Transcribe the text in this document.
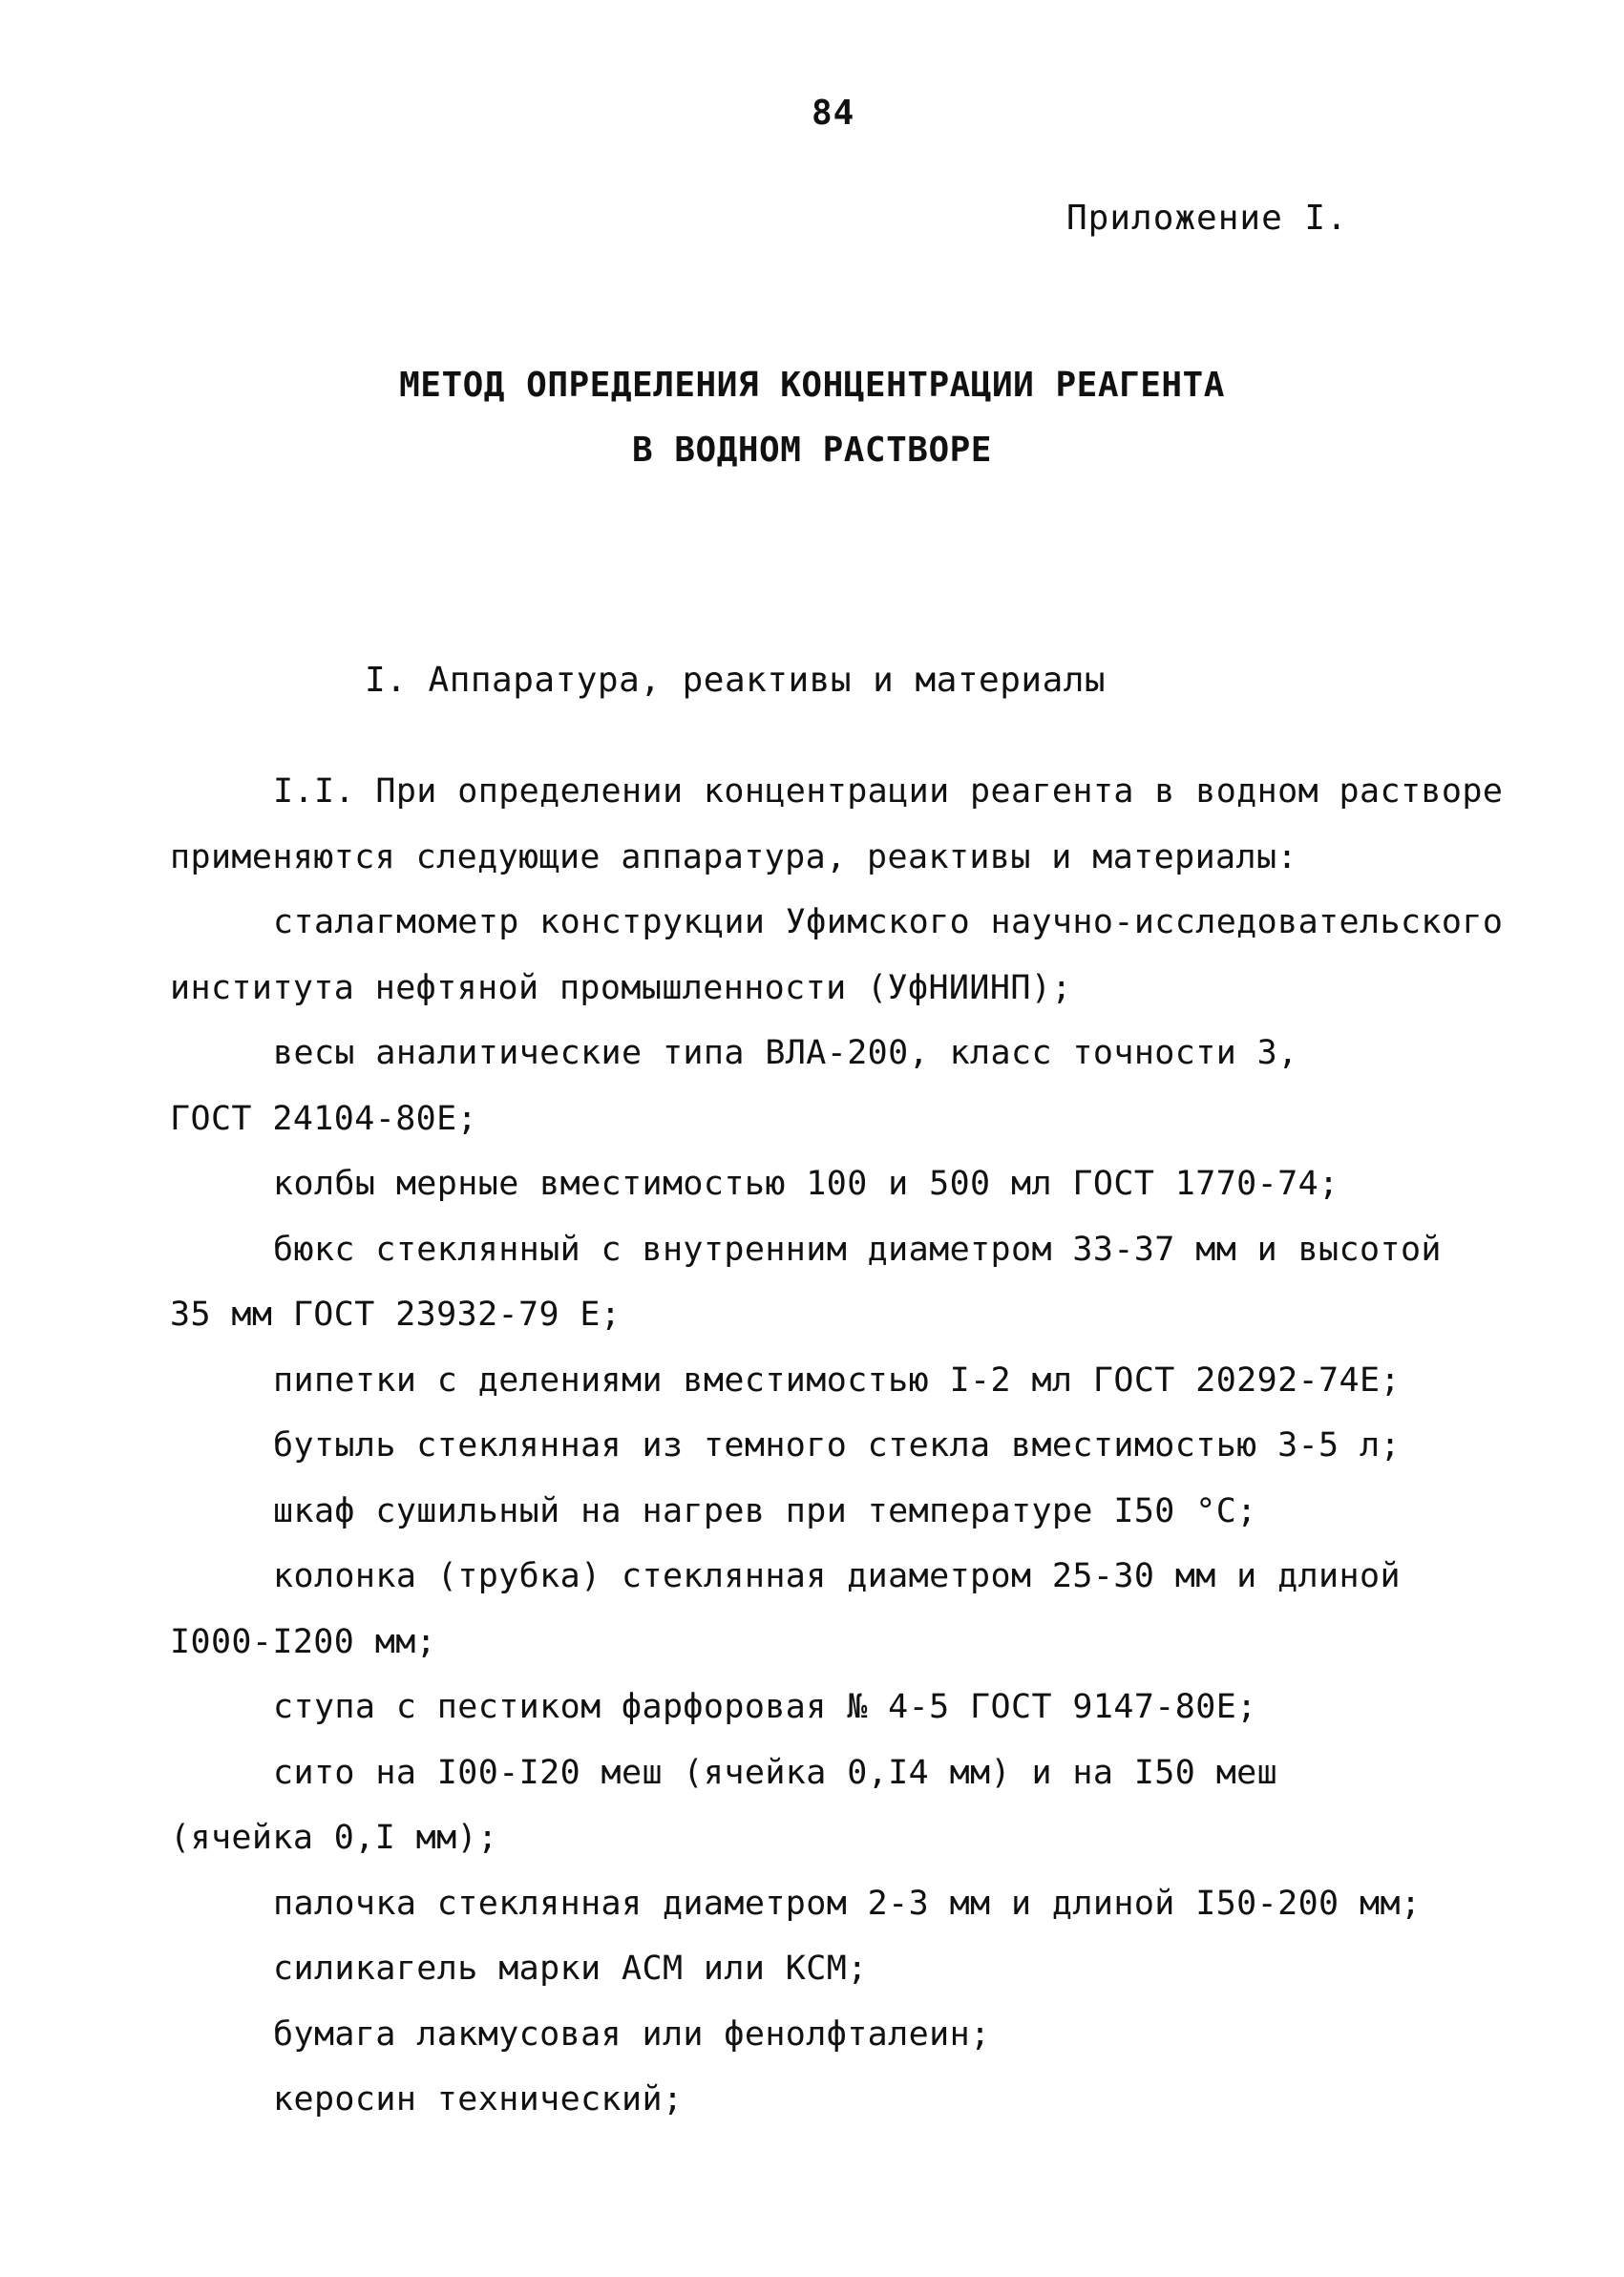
84
Приложение I.
МЕТОД ОПРЕДЕЛЕНИЯ КОНЦЕНТРАЦИИ РЕАГЕНТА
В ВОДНОМ РАСТВОРЕ
I. Аппаратура, реактивы и материалы
I.I. При определении концентрации реагента в водном растворе
применяются следующие аппаратура, реактивы и материалы:
сталагмометр конструкции Уфимского научно-исследовательского
института нефтяной промышленности (УфНИИНП);
весы аналитические типа ВЛА-200, класс точности 3,
ГОСТ 24104-80Е;
колбы мерные вместимостью 100 и 500 мл ГОСТ 1770-74;
бюкс стеклянный с внутренним диаметром 33-37 мм и высотой
35 мм ГОСТ 23932-79 Е;
пипетки с делениями вместимостью I-2 мл ГОСТ 20292-74Е;
бутыль стеклянная из темного стекла вместимостью 3-5 л;
шкаф сушильный на нагрев при температуре I50 °С;
колонка (трубка) стеклянная диаметром 25-30 мм и длиной
I000-I200 мм;
ступа с пестиком фарфоровая № 4-5 ГОСТ 9147-80Е;
сито на I00-I20 меш (ячейка 0,I4 мм) и на I50 меш
(ячейка 0,I мм);
палочка стеклянная диаметром 2-3 мм и длиной I50-200 мм;
силикагель марки АСМ или КСМ;
бумага лакмусовая или фенолфталеин;
керосин технический;
